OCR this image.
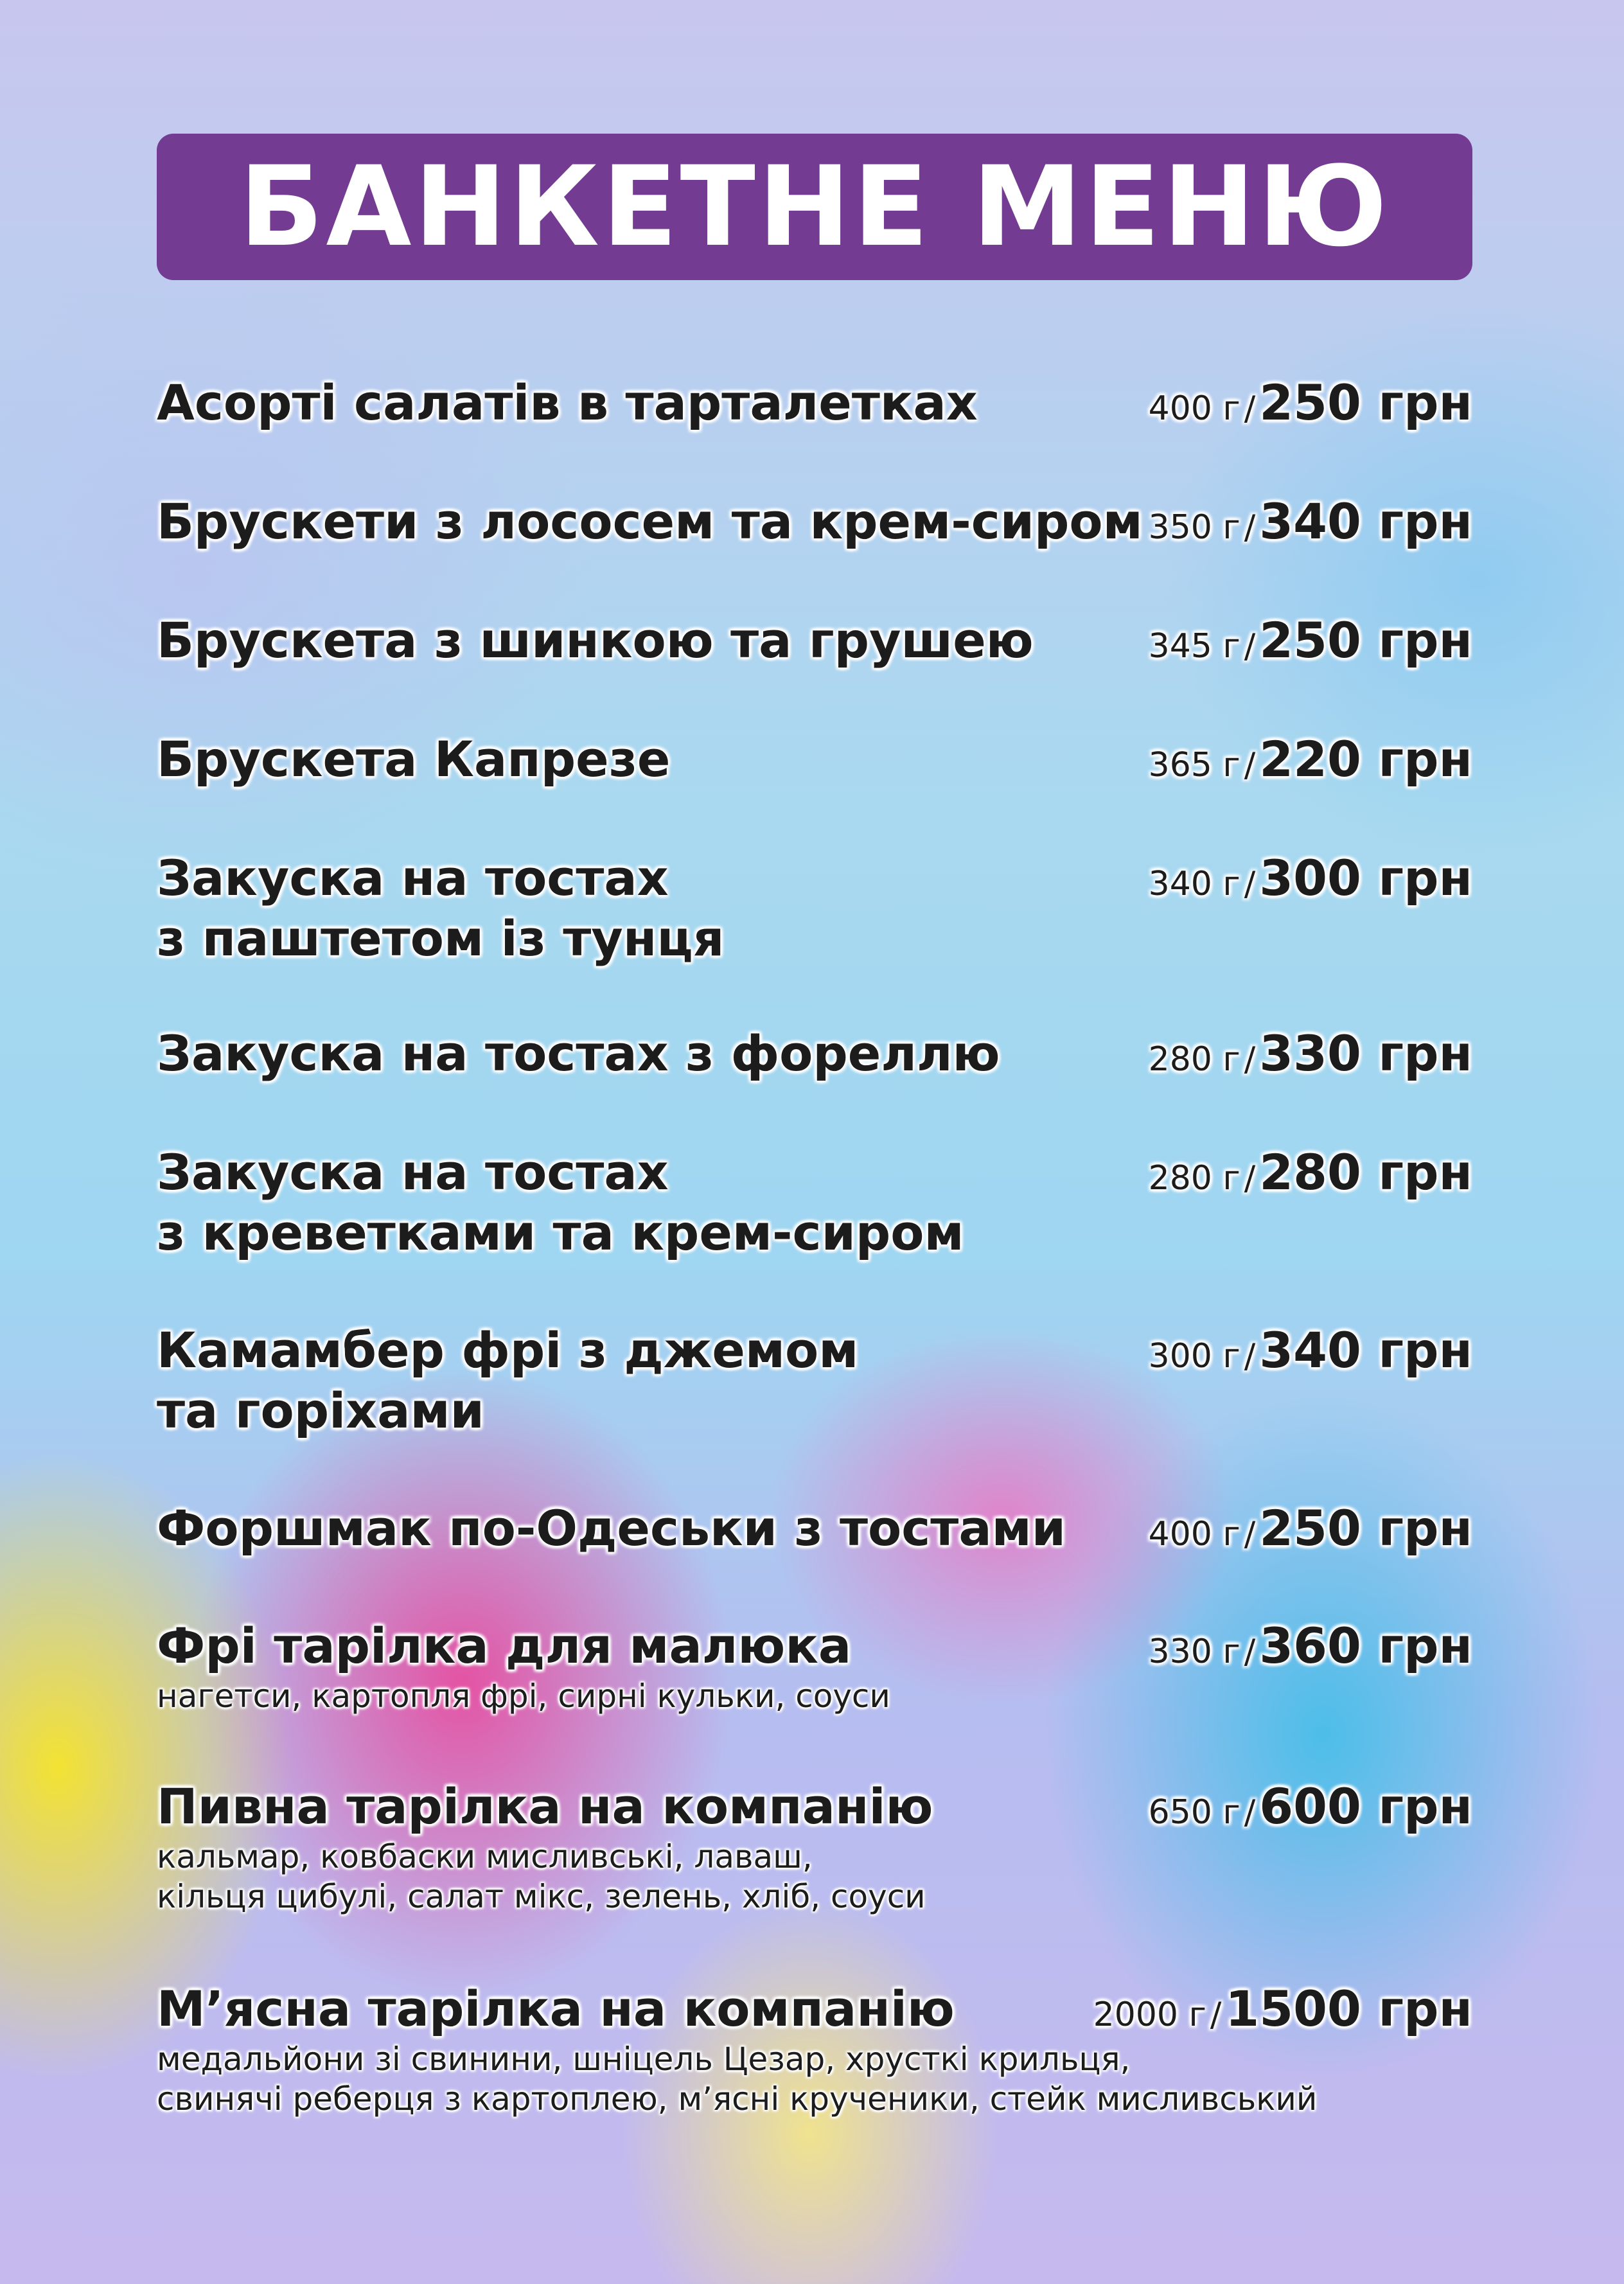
БАНКЕТНЕ МЕНЮ
Асорті салатів в тарталетках	400 г /250 грн
Брускети з лососем та крем-сиром 350 г /340 грн
Брускета з шинкою та грушею	345 г /250 грн
Брускета Капрезе	365 г /220 грн
Закуска на тостах	340 г /300 грн
з паштетом із тунця
Закуска на тостах з фореллю	280 г /330 грн
Закуска на тостах	280 г /280 грн
з креветками та крем-сиром
Камамбер фрі з джемом	300 г /340 грн
та горіхами
Форшмак по-Одеськи з тостами	400 г /250 грн
Фрі тарілка для малюка	330 г /360 грн
нагетси, картопля фрі, сирні кульки, соуси
Пивна тарілка на компанію	650 г /600 грн
кальмар, ковбаски мисливські, лаваш,
кільця цибулі, салат мікс, зелень, хліб, соуси
М’ясна тарілка на компанію	2000 г /1500 грн
медальйони зі свинини, шніцель Цезар, хрусткі крильця,
свинячі реберця з картоплею, м’ясні крученики, стейк мисливський
